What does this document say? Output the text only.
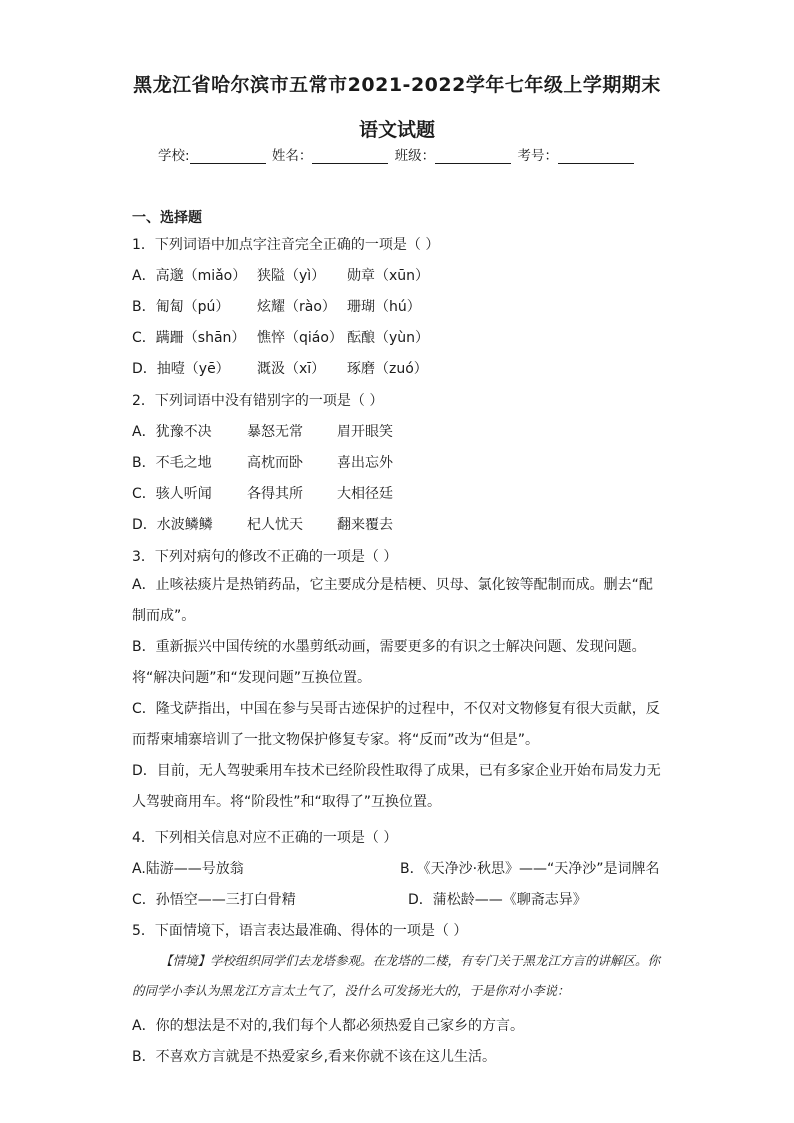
黑龙江省哈尔滨市五常市2021-2022学年七年级上学期期末
语文试题
学校:	姓名：	班级：	考号：
一、选择题
1．下列词语中加点字注音完全正确的一项是（ ）
A．高邈（miǎo） 狭隘（yì） 勋章（xūn）
B．匍匐（pú） 炫耀（rào） 珊瑚（hú）
C．蹒跚（shān） 憔悴（qiáo） 酝酿（yùn）
D．抽噎（yē） 溉汲（xī） 琢磨（zuó）
2．下列词语中没有错别字的一项是（ ）
A．犹豫不决	暴怒无常 眉开眼笑
B．不毛之地	高枕而卧 喜出忘外
C．骇人听闻	各得其所 大相径廷
D．水波鳞鳞 杞人忧天 翻来覆去
3．下列对病句的修改不正确的一项是（ ）
A．止咳祛痰片是热销药品，它主要成分是桔梗、贝母、氯化铵等配制而成。删去“配制而成”。
B．重新振兴中国传统的水墨剪纸动画，需要更多的有识之士解决问题、发现问题。将“解决问题”和“发现问题”互换位置。
C．隆戈萨指出，中国在参与吴哥古迹保护的过程中，不仅对文物修复有很大贡献，反而帮柬埔寨培训了一批文物保护修复专家。将“反而”改为“但是”。
D．目前，无人驾驶乘用车技术已经阶段性取得了成果，已有多家企业开始布局发力无人驾驶商用车。将“阶段性”和“取得了”互换位置。
4．下列相关信息对应不正确的一项是（ ）
A.陆游——号放翁	B．《天净沙·秋思》——“天净沙”是词牌名
C．孙悟空——三打白骨精	D．蒲松龄——《聊斋志异》
5．下面情境下，语言表达最准确、得体的一项是（ ）
【情境】学校组织同学们去龙塔参观。在龙塔的二楼，有专门关于黑龙江方言的讲解区。你的同学小李认为黑龙江方言太土气了，没什么可发扬光大的，于是你对小李说：
A．你的想法是不对的,我们每个人都必须热爱自己家乡的方言。
B．不喜欢方言就是不热爱家乡,看来你就不该在这儿生活。
